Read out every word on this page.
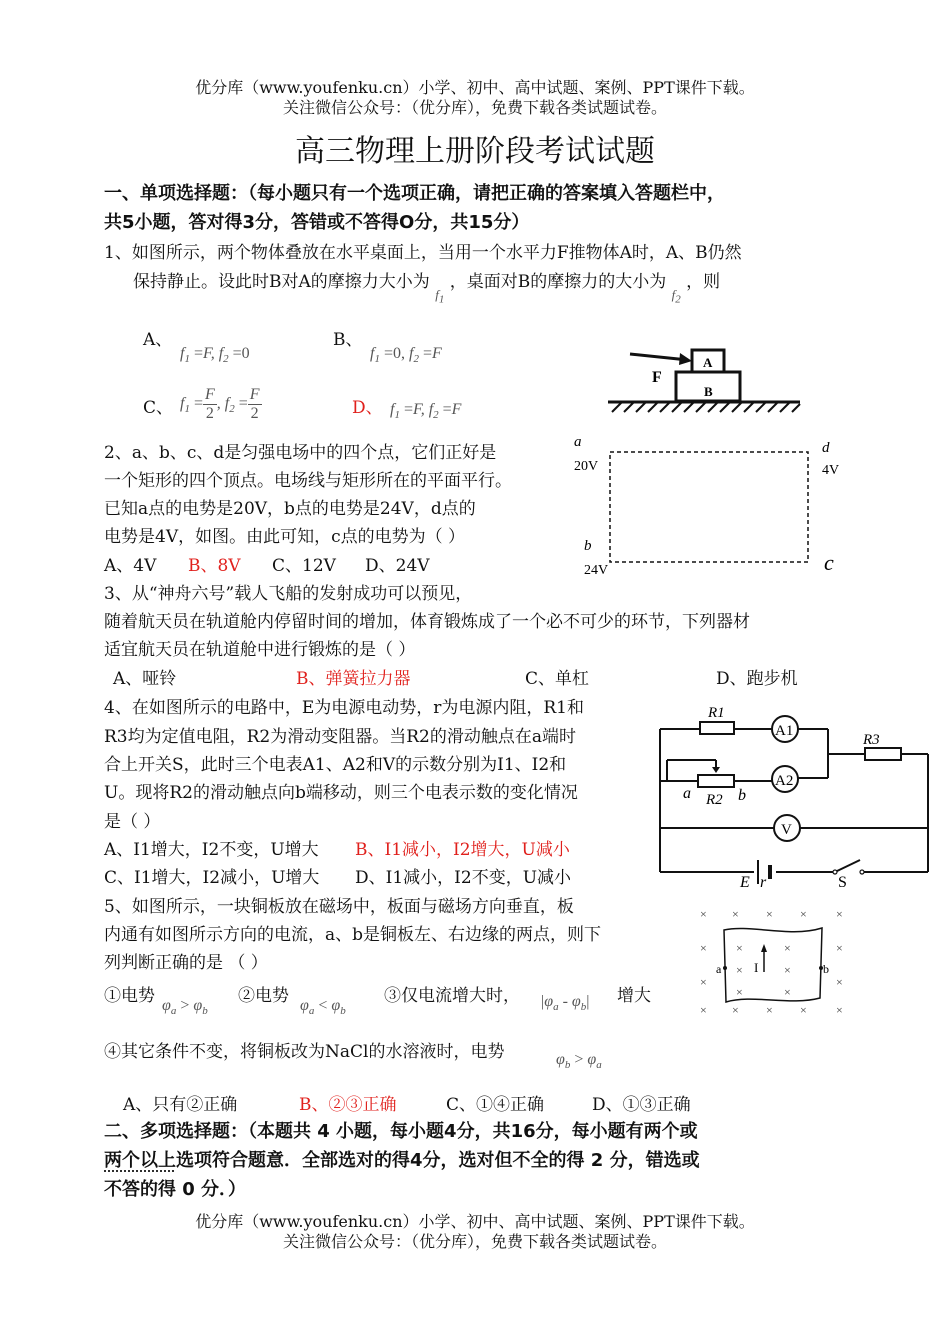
优分库（www.youfenku.cn）小学、初中、高中试题、案例、PPT课件下载。
关注微信公众号：（优分库），免费下载各类试题试卷。
高三物理上册阶段考试试题
一、单项选择题：（每小题只有一个选项正确，请把正确的答案填入答题栏中，
共5小题，答对得3分，答错或不答得O分，共15分）
1、如图所示，两个物体叠放在水平桌面上，当用一个水平力F推物体A时，A、B仍然
保持静止。设此时B对A的摩擦力大小为 $_{f_1}$ ，桌面对B的摩擦力的大小为 $_{f_2}$ ，则
A、
$f_1 =F$, $f_2 =0$
B、
$f_1 =0$, $f_2 =F$
C、 $f_1 = \frac{F}{2}$ , $f_2 = \frac{F}{2}$	D、 $f_1 =F$, $f_2 =F$
F
A
B
2、a、b、c、d是匀强电场中的四个点，它们正好是
一个矩形的四个顶点。电场线与矩形所在的平面平行。
已知a点的电势是20V，b点的电势是24V，d点的
电势是4V，如图。由此可知，c点的电势为（ ）
A、4V B、8V C、12V D、24V
a
20V
d
4V
b
24V	c
3、从“神舟六号”载人飞船的发射成功可以预见，
随着航天员在轨道舱内停留时间的增加，体育锻炼成了一个必不可少的环节，下列器材
适宜航天员在轨道舱中进行锻炼的是（ ）
A、哑铃	B、弹簧拉力器	C、单杠	D、跑步机
4、在如图所示的电路中，E为电源电动势，r为电源内阻，R1和
R3均为定值电阻，R2为滑动变阻器。当R2的滑动触点在a端时
合上开关S，此时三个电表A1、A2和V的示数分别为I1、I2和
U。现将R2的滑动触点向b端移动，则三个电表示数的变化情况
是（ ）
A、I1增大，I2不变，U增大 B、I1减小，I2增大，U减小
C、I1增大，I2减小，U增大 D、I1减小，I2不变，U减小
R1
A1
R3
A2
a R2 b
V
E r	S
5、如图所示，一块铜板放在磁场中，板面与磁场方向垂直，板
内通有如图所示方向的电流，a、b是铜板左、右边缘的两点，则下
列判断正确的是 （ ）
①电势 $\varphi_a > \varphi_b$
②电势 $\varphi_a < \varphi_b$
③仅电流增大时， $|\varphi_a - \varphi_b|$ 增大
④其它条件不变，将铜板改为NaCl的水溶液时，电势	$\varphi_b > \varphi_a$
A、只有②正确	B、②③正确	C、①④正确	D、①③正确
× × × × ×
×	×
×	×
× × × × ×
×	×
×	×
×	×
I
a	b
二、多项选择题：（本题共 4 小题，每小题4分，共16分，每小题有两个或
两个以上选项符合题意．全部选对的得4分，选对但不全的得 2 分，错选或
不答的得 0 分．）
优分库（www.youfenku.cn）小学、初中、高中试题、案例、PPT课件下载。
关注微信公众号：（优分库），免费下载各类试题试卷。
